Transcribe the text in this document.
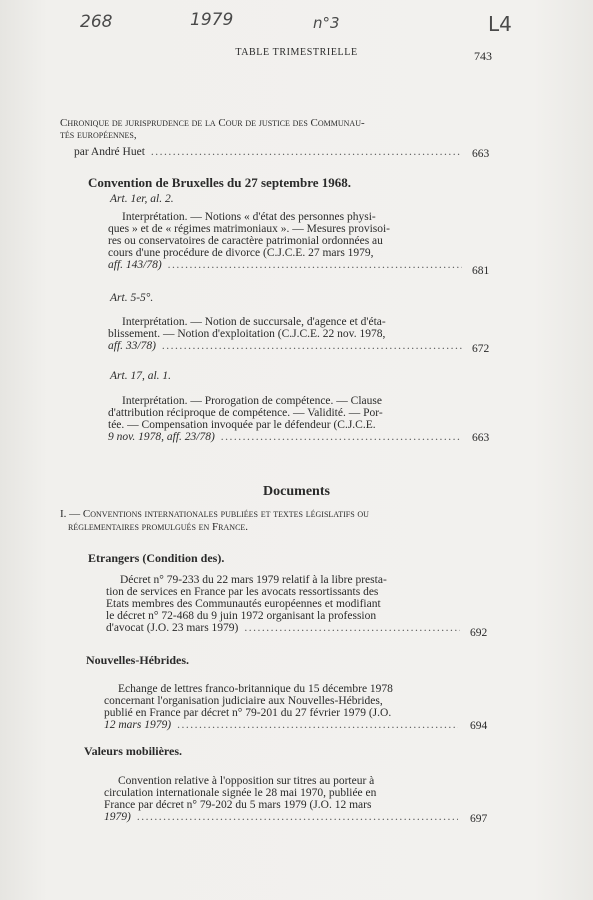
268	1979	n°3	L4
TABLE TRIMESTRIELLE	743
Chronique de jurisprudence de la Cour de justice des Communau-
tés européennes,
par André Huet .....	663
Convention de Bruxelles du 27 septembre 1968.
Art. 1er, al. 2.
Interprétation. — Notions « d'état des personnes physi-
ques » et de « régimes matrimoniaux ». — Mesures provisoi-
res ou conservatoires de caractère patrimonial ordonnées au
cours d'une procédure de divorce (C.J.C.E. 27 mars 1979,
aff. 143/78) .....	681
Art. 5-5°.
Interprétation. — Notion de succursale, d'agence et d'éta-
blissement. — Notion d'exploitation (C.J.C.E. 22 nov. 1978,
aff. 33/78) .....	672
Art. 17, al. 1.
Interprétation. — Prorogation de compétence. — Clause
d'attribution réciproque de compétence. — Validité. — Por-
tée. — Compensation invoquée par le défendeur (C.J.C.E.
9 nov. 1978, aff. 23/78) .....	663
Documents
I. — Conventions internationales publiées et textes législatifs ou
réglementaires promulgués en France.
Etrangers (Condition des).
Décret n° 79-233 du 22 mars 1979 relatif à la libre presta-
tion de services en France par les avocats ressortissants des
Etats membres des Communautés européennes et modifiant
le décret n° 72-468 du 9 juin 1972 organisant la profession
d'avocat (J.O. 23 mars 1979) .....	692
Nouvelles-Hébrides.
Echange de lettres franco-britannique du 15 décembre 1978
concernant l'organisation judiciaire aux Nouvelles-Hébrides,
publié en France par décret n° 79-201 du 27 février 1979 (J.O.
12 mars 1979) .....	694
Valeurs mobilières.
Convention relative à l'opposition sur titres au porteur à
circulation internationale signée le 28 mai 1970, publiée en
France par décret n° 79-202 du 5 mars 1979 (J.O. 12 mars
1979) .....	697
